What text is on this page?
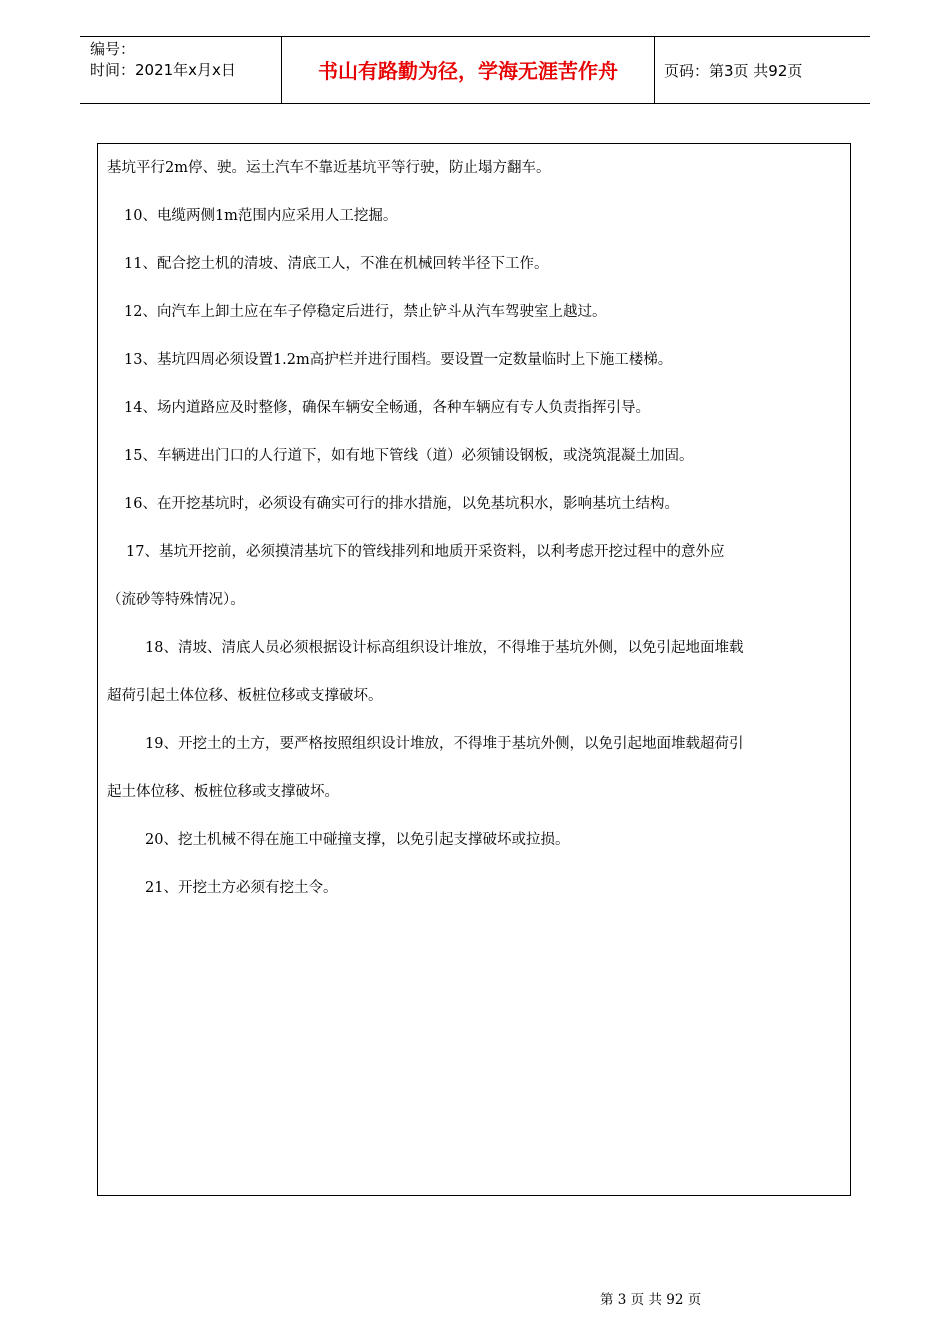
编号：
时间：2021年x月x日	书山有路勤为径，学海无涯苦作舟	页码：第3页 共92页
基坑平行2m停、驶。运土汽车不靠近基坑平等行驶，防止塌方翻车。
10、电缆两侧1m范围内应采用人工挖掘。
11、配合挖土机的清坡、清底工人，不准在机械回转半径下工作。
12、向汽车上卸土应在车子停稳定后进行，禁止铲斗从汽车驾驶室上越过。
13、基坑四周必须设置1.2m高护栏并进行围档。要设置一定数量临时上下施工楼梯。
14、场内道路应及时整修，确保车辆安全畅通，各种车辆应有专人负责指挥引导。
15、车辆进出门口的人行道下，如有地下管线（道）必须铺设钢板，或浇筑混凝土加固。
16、在开挖基坑时，必须设有确实可行的排水措施，以免基坑积水，影响基坑土结构。
17、基坑开挖前，必须摸清基坑下的管线排列和地质开采资料，以利考虑开挖过程中的意外应
（流砂等特殊情况）。
18、清坡、清底人员必须根据设计标高组织设计堆放，不得堆于基坑外侧，以免引起地面堆载
超荷引起土体位移、板桩位移或支撑破坏。
19、开挖土的土方，要严格按照组织设计堆放，不得堆于基坑外侧，以免引起地面堆载超荷引
起土体位移、板桩位移或支撑破坏。
20、挖土机械不得在施工中碰撞支撑，以免引起支撑破坏或拉损。
21、开挖土方必须有挖土令。
第 3 页 共 92 页
